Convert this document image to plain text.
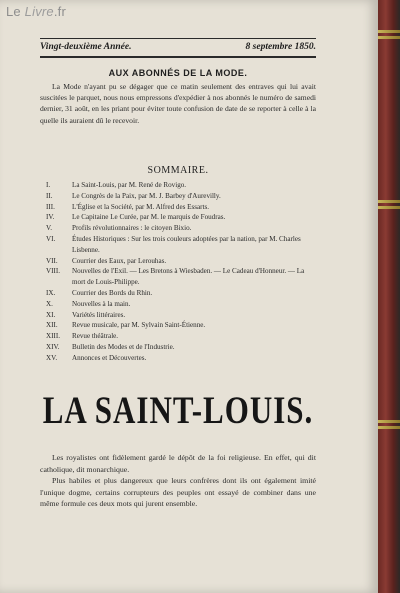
Le Livre.fr
Vingt-deuxième Année.	8 septembre 1850.
AUX ABONNÉS DE LA MODE.
La Mode n'ayant pu se dégager que ce matin seulement des entraves qui lui avait suscitées le parquet, nous nous empressons d'expédier à nos abonnés le numéro de samedi dernier, 31 août, en les priant pour éviter toute confusion de date de se reporter à celle à la quelle ils auraient dû le recevoir.
SOMMAIRE.
I.	La Saint-Louis, par M. René de Rovigo.
II.	Le Congrès de la Paix, par M. J. Barbey d'Aurevilly.
III.	L'Église et la Société, par M. Alfred des Essarts.
IV.	Le Capitaine Le Curée, par M. le marquis de Foudras.
V.	Profils révolutionnaires : le citoyen Bixio.
VI.	Études Historiques : Sur les trois couleurs adoptées par la nation, par M. Charles Lisbenne.
VII.	Courrier des Eaux, par Lerouhas.
VIII.	Nouvelles de l'Exil. — Les Bretons à Wiesbaden. — Le Cadeau d'Honneur. — La mort de Louis-Philippe.
IX.	Courrier des Bords du Rhin.
X.	Nouvelles à la main.
XI.	Variétés littéraires.
XII.	Revue musicale, par M. Sylvain Saint-Étienne.
XIII.	Revue théâtrale.
XIV.	Bulletin des Modes et de l'Industrie.
XV.	Annonces et Découvertes.
LA SAINT-LOUIS.

Les royalistes ont fidèlement gardé le dépôt de la foi religieuse. En effet, qui dit catholique, dit monarchique.

Plus habiles et plus dangereux que leurs confrères dont ils ont également imité l'unique dogme, certains corrupteurs des peuples ont essayé de combiner dans une même formule ces deux mots qui jurent ensemble.
